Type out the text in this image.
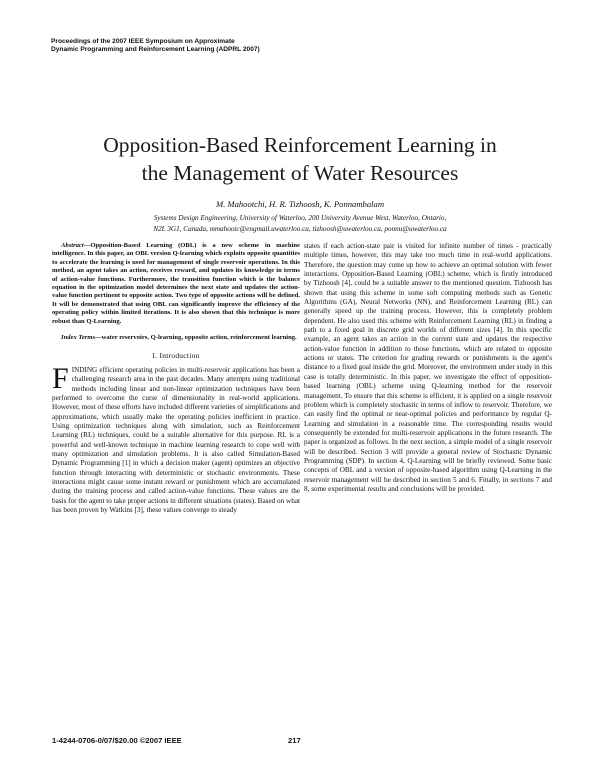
Proceedings of the 2007 IEEE Symposium on Approximate
Dynamic Programming and Reinforcement Learning (ADPRL 2007)
Opposition-Based Reinforcement Learning in
the Management of Water Resources
M. Mahootchi, H. R. Tizhoosh, K. Ponnambalam
Systems Design Engineering, University of Waterloo, 200 University Avenue West, Waterloo, Ontario,
N2L 3G1, Canada, mmahootc@engmail.uwaterloo.ca, tizhoosh@uwaterloo.ca, ponnu@uwaterloo.ca

Abstract—Opposition-Based Learning (OBL) is a new scheme in machine intelligence. In this paper, an OBL version Q-learning which exploits opposite quantities to accelerate the learning is used for management of single reservoir operations. In this method, an agent takes an action, receives reward, and updates its knowledge in terms of action-value functions. Furthermore, the transition function which is the balance equation in the optimization model determines the next state and updates the action-value function pertinent to opposite action. Two type of opposite actions will be defined. It will be demonstrated that using OBL can significantly improve the efficiency of the operating policy within limited iterations. It is also shown that this technique is more robust than Q-Learning.

Index Terms—water reservoirs, Q-learning, opposite action, reinforcement learning.

I. Introduction

FINDING efficient operating policies in multi-reservoir applications has been a challenging research area in the past decades. Many attempts using traditional methods including linear and non-linear optimization techniques have been performed to overcome the curse of dimensionality in real-world applications. However, most of these efforts have included different varieties of simplifications and approximations, which usually make the operating policies inefficient in practice. Using optimization techniques along with simulation, such as Reinforcement Learning (RL) techniques, could be a suitable alternative for this purpose. RL is a powerful and well-known technique in machine learning research to cope well with many optimization and simulation problems. It is also called Simulation-Based Dynamic Programming [1] in which a decision maker (agent) optimizes an objective function through interacting with deterministic or stochastic environments. These interactions might cause some instant reward or punishment which are accumulated during the training process and called action-value functions. These values are the basis for the agent to take proper actions in different situations (states). Based on what has been proven by Watkins [3], these values converge to steady

states if each action-state pair is visited for infinite number of times - practically multiple times, however, this may take too much time in real-world applications. Therefore, the question may come up how to achieve an optimal solution with fewer interactions. Opposition-Based Learning (OBL) scheme, which is firstly introduced by Tizhoosh [4], could be a suitable answer to the mentioned question. Tizhoosh has shown that using this scheme in some soft computing methods such as Genetic Algorithms (GA), Neural Networks (NN), and Reinforcement Learning (RL) can generally speed up the training process. However, this is completely problem dependent. He also used this scheme with Reinforcement Learning (RL) in finding a path to a fixed goal in discrete grid worlds of different sizes [4]. In this specific example, an agent takes an action in the current state and updates the respective action-value function in addition to those functions, which are related to opposite actions or states. The criterion for grading rewards or punishments is the agent's distance to a fixed goal inside the grid. Moreover, the environment under study in this case is totally deterministic. In this paper, we investigate the effect of opposition-based learning (OBL) scheme using Q-learning method for the reservoir management. To ensure that this scheme is efficient, it is applied on a single reservoir problem which is completely stochastic in terms of inflow to reservoir. Therefore, we can easily find the optimal or near-optimal policies and performance by regular Q-Learning and simulation in a reasonable time. The corresponding results would consequently be extended for multi-reservoir applications in the future research. The paper is organized as follows. In the next section, a simple model of a single reservoir will be described. Section 3 will provide a general review of Stochastic Dynamic Programming (SDP). In section 4, Q-Learning will be briefly reviewed. Some basic concepts of OBL and a version of opposite-based algorithm using Q-Learning in the reservoir management will be described in section 5 and 6. Finally, in sections 7 and 8, some experimental results and conclusions will be provided.

1-4244-0706-0/07/$20.00 ©2007 IEEE	217
